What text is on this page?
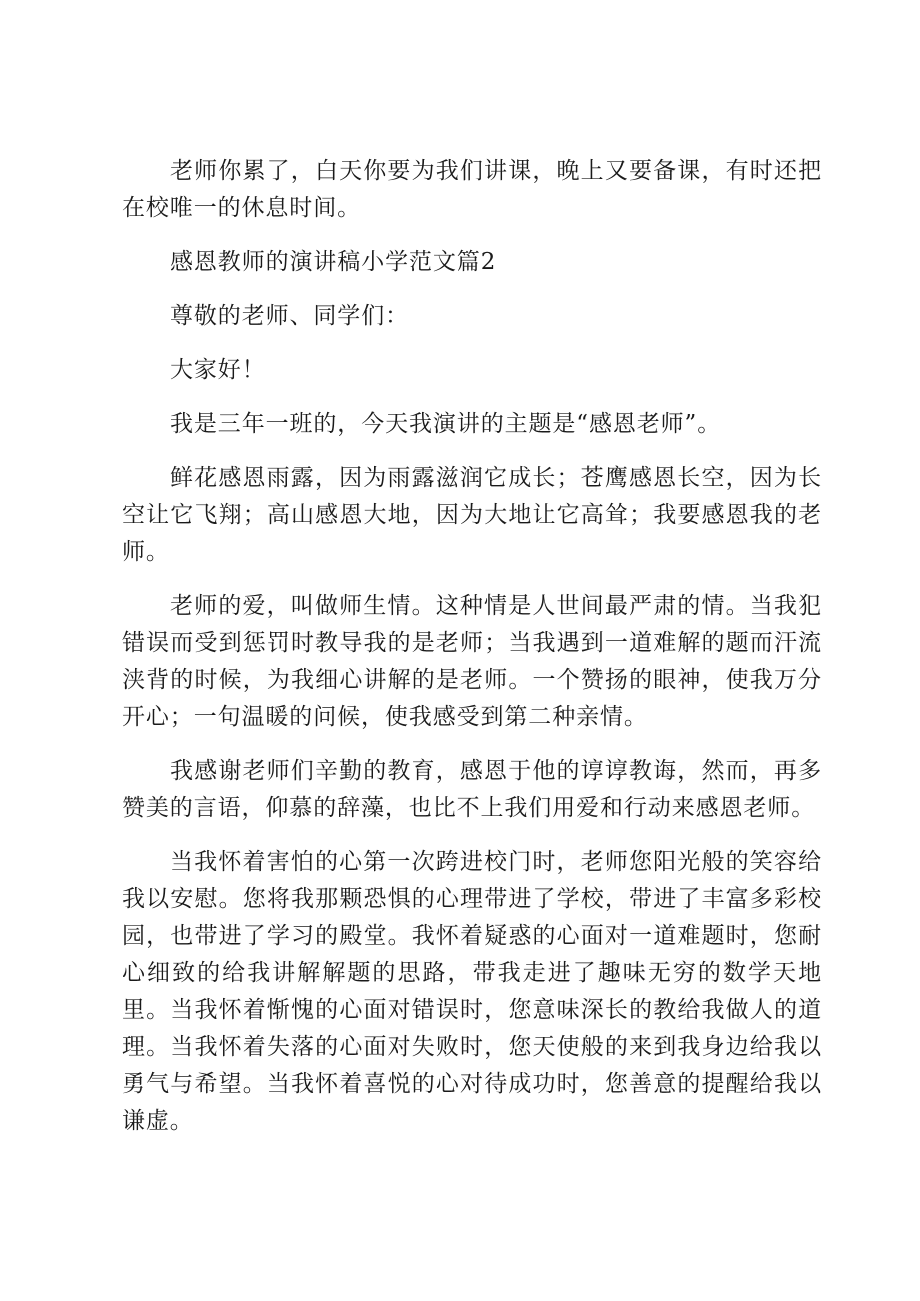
老师你累了，白天你要为我们讲课，晚上又要备课，有时还把在校唯一的休息时间。

感恩教师的演讲稿小学范文篇2

尊敬的老师、同学们：

大家好！

我是三年一班的，今天我演讲的主题是“感恩老师”。

鲜花感恩雨露，因为雨露滋润它成长；苍鹰感恩长空，因为长空让它飞翔；高山感恩大地，因为大地让它高耸；我要感恩我的老师。

老师的爱，叫做师生情。这种情是人世间最严肃的情。当我犯错误而受到惩罚时教导我的是老师；当我遇到一道难解的题而汗流浃背的时候，为我细心讲解的是老师。一个赞扬的眼神，使我万分开心；一句温暖的问候，使我感受到第二种亲情。

我感谢老师们辛勤的教育，感恩于他的谆谆教诲，然而，再多赞美的言语，仰慕的辞藻，也比不上我们用爱和行动来感恩老师。

当我怀着害怕的心第一次跨进校门时，老师您阳光般的笑容给我以安慰。您将我那颗恐惧的心理带进了学校，带进了丰富多彩校园，也带进了学习的殿堂。我怀着疑惑的心面对一道难题时，您耐心细致的给我讲解解题的思路，带我走进了趣味无穷的数学天地里。当我怀着惭愧的心面对错误时，您意味深长的教给我做人的道理。当我怀着失落的心面对失败时，您天使般的来到我身边给我以勇气与希望。当我怀着喜悦的心对待成功时，您善意的提醒给我以谦虚。
